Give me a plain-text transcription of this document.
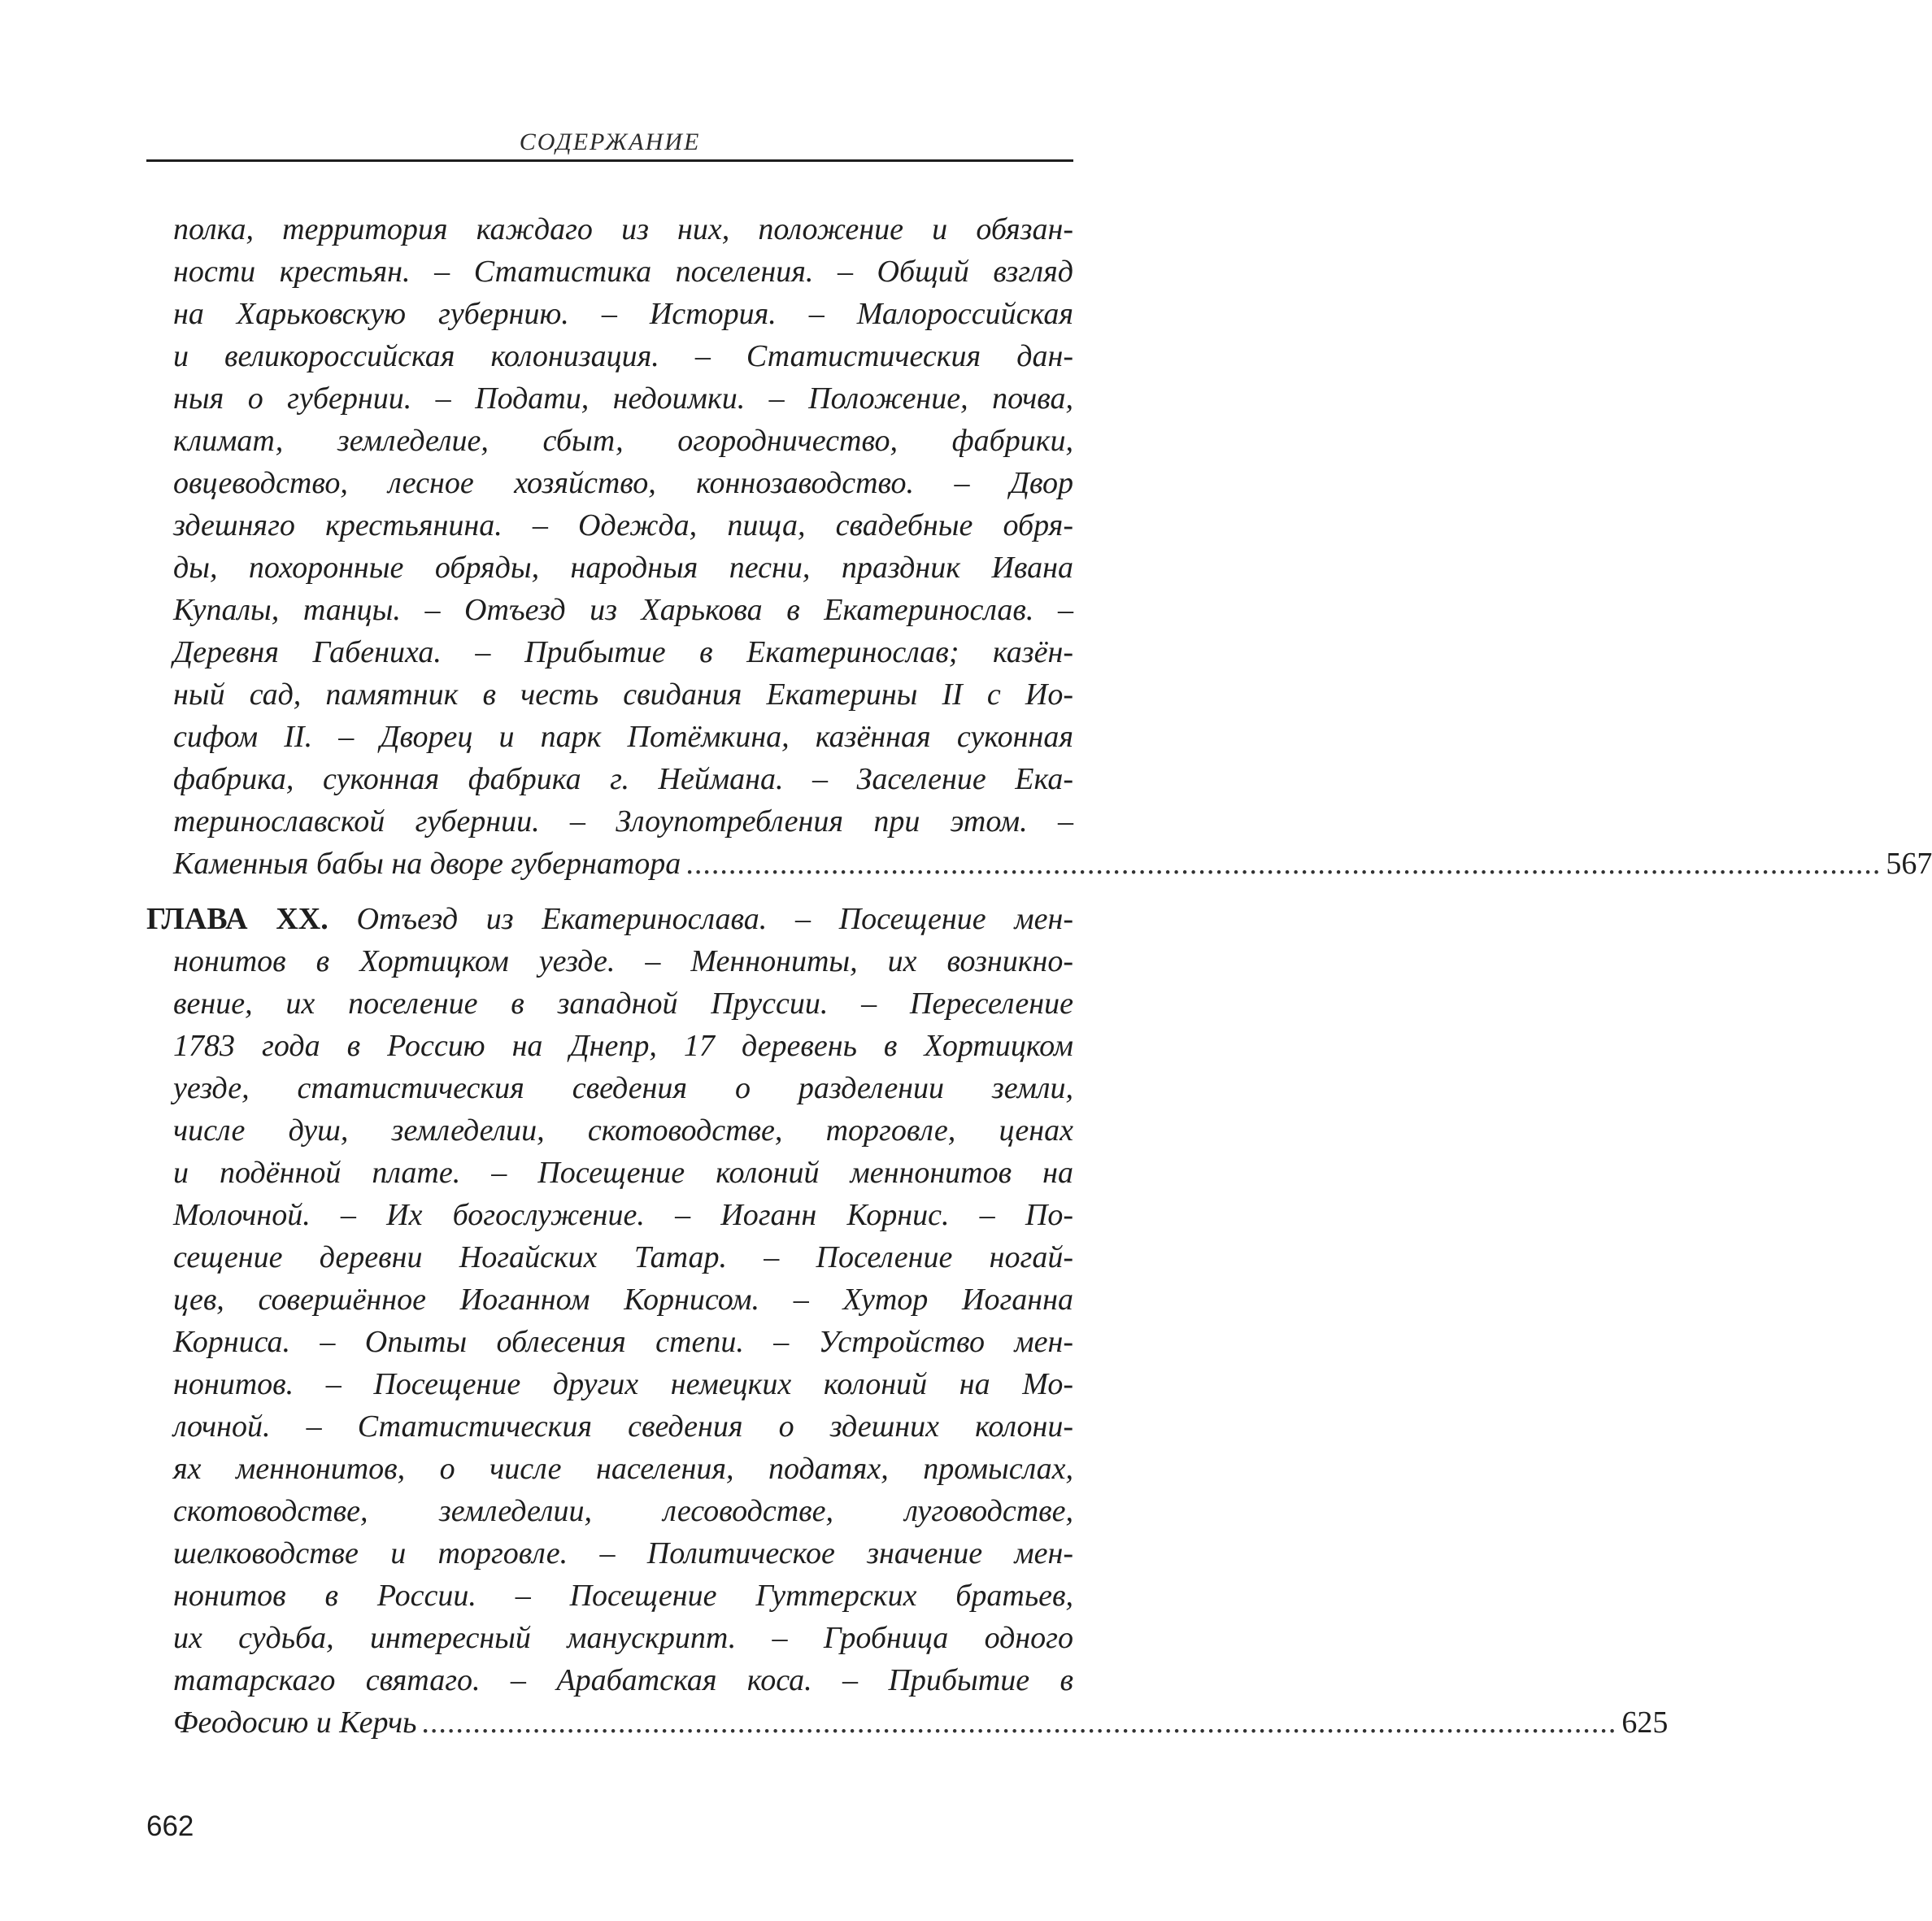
СОДЕРЖАНИЕ
полка, территория каждаго из них, положение и обязан-
ности крестьян. – Статистика поселения. – Общий взгляд
на Харьковскую губернию. – История. – Малороссийская
и великороссийская колонизация. – Статистическия дан-
ныя о губернии. – Подати, недоимки. – Положение, почва,
климат, земледелие, сбыт, огородничество, фабрики,
овцеводство, лесное хозяйство, коннозаводство. – Двор
здешняго крестьянина. – Одежда, пища, свадебные обря-
ды, похоронные обряды, народныя песни, праздник Ивана
Купалы, танцы. – Отъезд из Харькова в Екатеринослав. –
Деревня Габениха. – Прибытие в Екатеринослав; казён-
ный сад, памятник в честь свидания Екатерины II с Ио-
сифом II. – Дворец и парк Потёмкина, казённая суконная
фабрика, суконная фабрика г. Неймана. – Заселение Ека-
теринославской губернии. – Злоупотребления при этом. –
Каменныя бабы на дворе губернатора ............................................................................................................................................ 567
ГЛАВА XX. Отъезд из Екатеринослава. – Посещение мен-
нонитов в Хортицком уезде. – Меннониты, их возникно-
вение, их поселение в западной Пруссии. – Переселение
1783 года в Россию на Днепр, 17 деревень в Хортицком
уезде, статистическия сведения о разделении земли,
числе душ, земледелии, скотоводстве, торговле, ценах
и подённой плате. – Посещение колоний меннонитов на
Молочной. – Их богослужение. – Иоганн Корнис. – По-
сещение деревни Ногайских Татар. – Поселение ногай-
цев, совершённое Иоганном Корнисом. – Хутор Иоганна
Корниса. – Опыты облесения степи. – Устройство мен-
нонитов. – Посещение других немецких колоний на Мо-
лочной. – Статистическия сведения о здешних колони-
ях меннонитов, о числе населения, податях, промыслах,
скотоводстве, земледелии, лесоводстве, луговодстве,
шелководстве и торговле. – Политическое значение мен-
нонитов в России. – Посещение Гуттерских братьев,
их судьба, интересный манускрипт. – Гробница одного
татарскаго святаго. – Арабатская коса. – Прибытие в
Феодосию и Керчь ............................................................................................................................................ 625
662
